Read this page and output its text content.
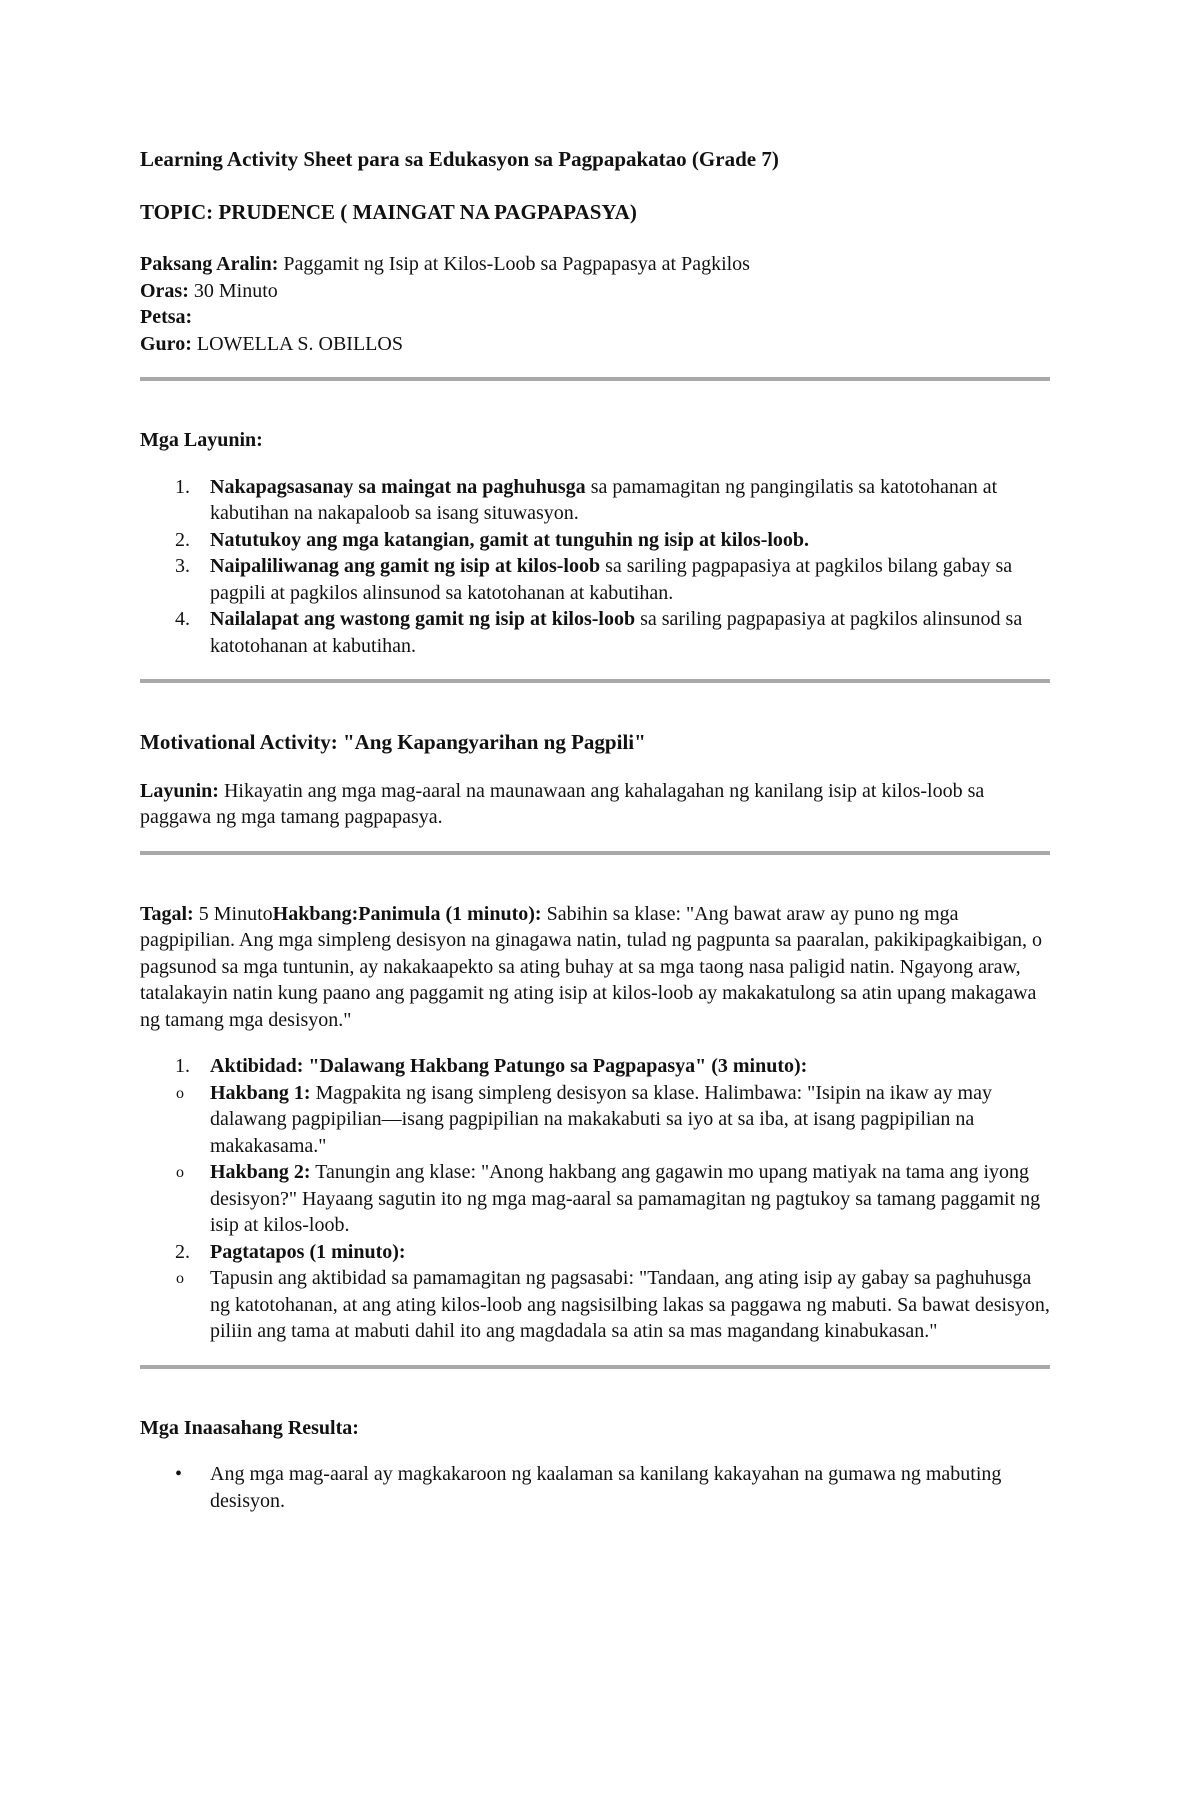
Learning Activity Sheet para sa Edukasyon sa Pagpapakatao (Grade 7)

TOPIC: PRUDENCE ( MAINGAT NA PAGPAPASYA)

Paksang Aralin: Paggamit ng Isip at Kilos-Loob sa Pagpapasya at Pagkilos

Oras: 30 Minuto

Petsa:

Guro: LOWELLA S. OBILLOS

Mga Layunin:

1. Nakapagsasanay sa maingat na paghuhusga sa pamamagitan ng pangingilatis sa katotohanan at kabutihan na nakapaloob sa isang situwasyon.
2. Natutukoy ang mga katangian, gamit at tunguhin ng isip at kilos-loob.
3. Naipaliliwanag ang gamit ng isip at kilos-loob sa sariling pagpapasiya at pagkilos bilang gabay sa pagpili at pagkilos alinsunod sa katotohanan at kabutihan.
4. Nailalapat ang wastong gamit ng isip at kilos-loob sa sariling pagpapasiya at pagkilos alinsunod sa katotohanan at kabutihan.

Motivational Activity: "Ang Kapangyarihan ng Pagpili"

Layunin: Hikayatin ang mga mag-aaral na maunawaan ang kahalagahan ng kanilang isip at kilos-loob sa paggawa ng mga tamang pagpapasya.

Tagal: 5 MinutoHakbang:Panimula (1 minuto): Sabihin sa klase: "Ang bawat araw ay puno ng mga pagpipilian. Ang mga simpleng desisyon na ginagawa natin, tulad ng pagpunta sa paaralan, pakikipagkaibigan, o pagsunod sa mga tuntunin, ay nakakaapekto sa ating buhay at sa mga taong nasa paligid natin. Ngayong araw, tatalakayin natin kung paano ang paggamit ng ating isip at kilos-loob ay makakatulong sa atin upang makagawa ng tamang mga desisyon."

1. Aktibidad: "Dalawang Hakbang Patungo sa Pagpapasya" (3 minuto):
o Hakbang 1: Magpakita ng isang simpleng desisyon sa klase. Halimbawa: "Isipin na ikaw ay may dalawang pagpipilian—isang pagpipilian na makakabuti sa iyo at sa iba, at isang pagpipilian na makakasama."
o Hakbang 2: Tanungin ang klase: "Anong hakbang ang gagawin mo upang matiyak na tama ang iyong desisyon?" Hayaang sagutin ito ng mga mag-aaral sa pamamagitan ng pagtukoy sa tamang paggamit ng isip at kilos-loob.
2. Pagtatapos (1 minuto):
o Tapusin ang aktibidad sa pamamagitan ng pagsasabi: "Tandaan, ang ating isip ay gabay sa paghuhusga ng katotohanan, at ang ating kilos-loob ang nagsisilbing lakas sa paggawa ng mabuti. Sa bawat desisyon, piliin ang tama at mabuti dahil ito ang magdadala sa atin sa mas magandang kinabukasan."

Mga Inaasahang Resulta:

• Ang mga mag-aaral ay magkakaroon ng kaalaman sa kanilang kakayahan na gumawa ng mabuting desisyon.
